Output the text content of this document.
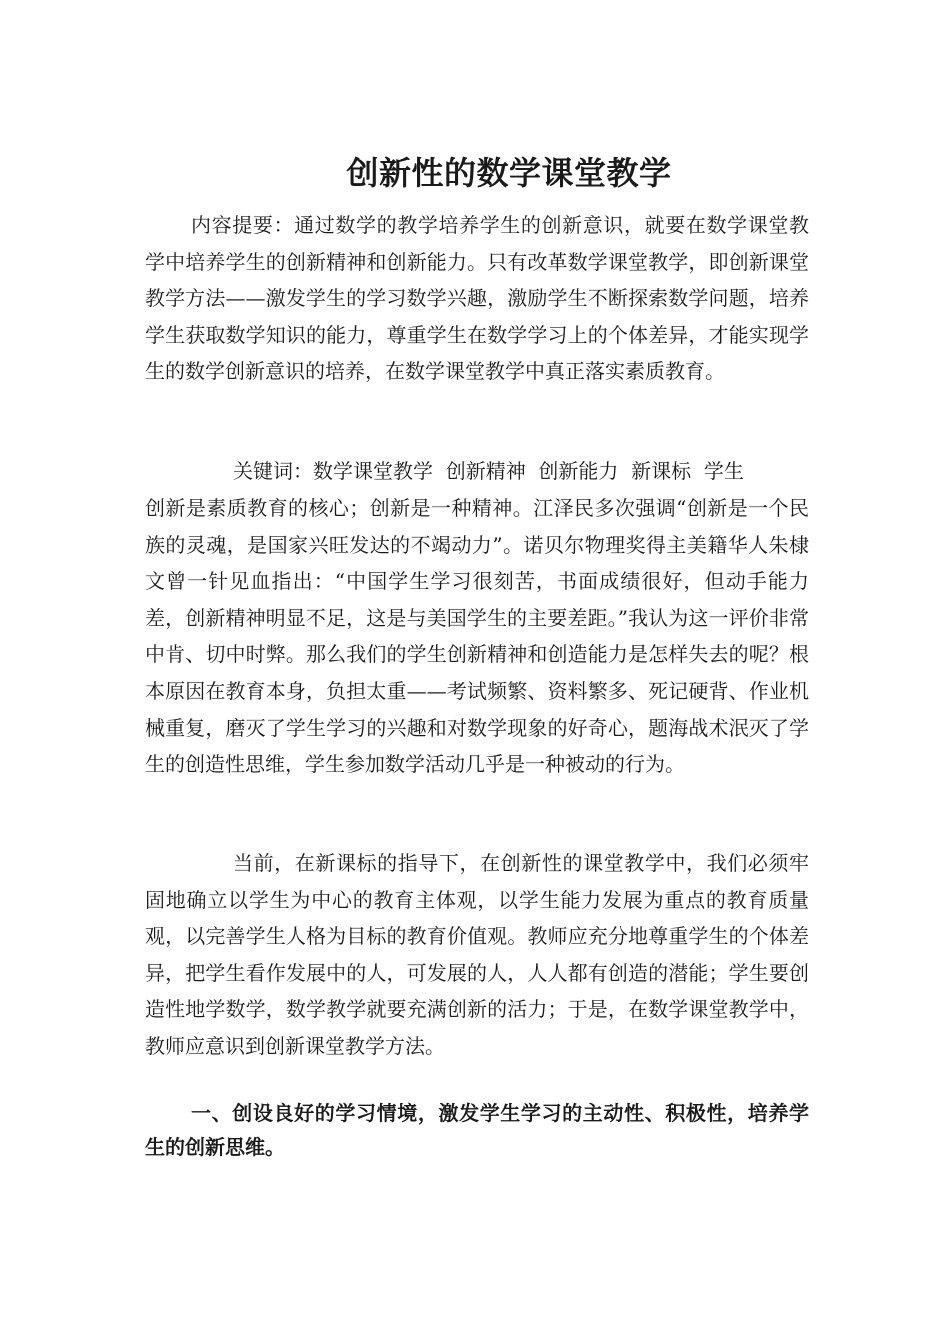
创新性的数学课堂教学

内容提要：通过数学的教学培养学生的创新意识，就要在数学课堂教学中培养学生的创新精神和创新能力。只有改革数学课堂教学，即创新课堂教学方法——激发学生的学习数学兴趣，激励学生不断探索数学问题，培养学生获取数学知识的能力，尊重学生在数学学习上的个体差异，才能实现学生的数学创新意识的培养，在数学课堂教学中真正落实素质教育。

关键词：数学课堂教学  创新精神  创新能力  新课标  学生

创新是素质教育的核心；创新是一种精神。江泽民多次强调“创新是一个民族的灵魂，是国家兴旺发达的不竭动力”。诺贝尔物理奖得主美籍华人朱棣文曾一针见血指出：“中国学生学习很刻苦，书面成绩很好，但动手能力差，创新精神明显不足，这是与美国学生的主要差距。”我认为这一评价非常中肯、切中时弊。那么我们的学生创新精神和创造能力是怎样失去的呢？根本原因在教育本身，负担太重——考试频繁、资料繁多、死记硬背、作业机械重复，磨灭了学生学习的兴趣和对数学现象的好奇心，题海战术泯灭了学生的创造性思维，学生参加数学活动几乎是一种被动的行为。

当前，在新课标的指导下，在创新性的课堂教学中，我们必须牢固地确立以学生为中心的教育主体观，以学生能力发展为重点的教育质量观，以完善学生人格为目标的教育价值观。教师应充分地尊重学生的个体差异，把学生看作发展中的人，可发展的人，人人都有创造的潜能；学生要创造性地学数学，数学教学就要充满创新的活力；于是，在数学课堂教学中，教师应意识到创新课堂教学方法。

一、创设良好的学习情境，激发学生学习的主动性、积极性，培养学生的创新思维。
